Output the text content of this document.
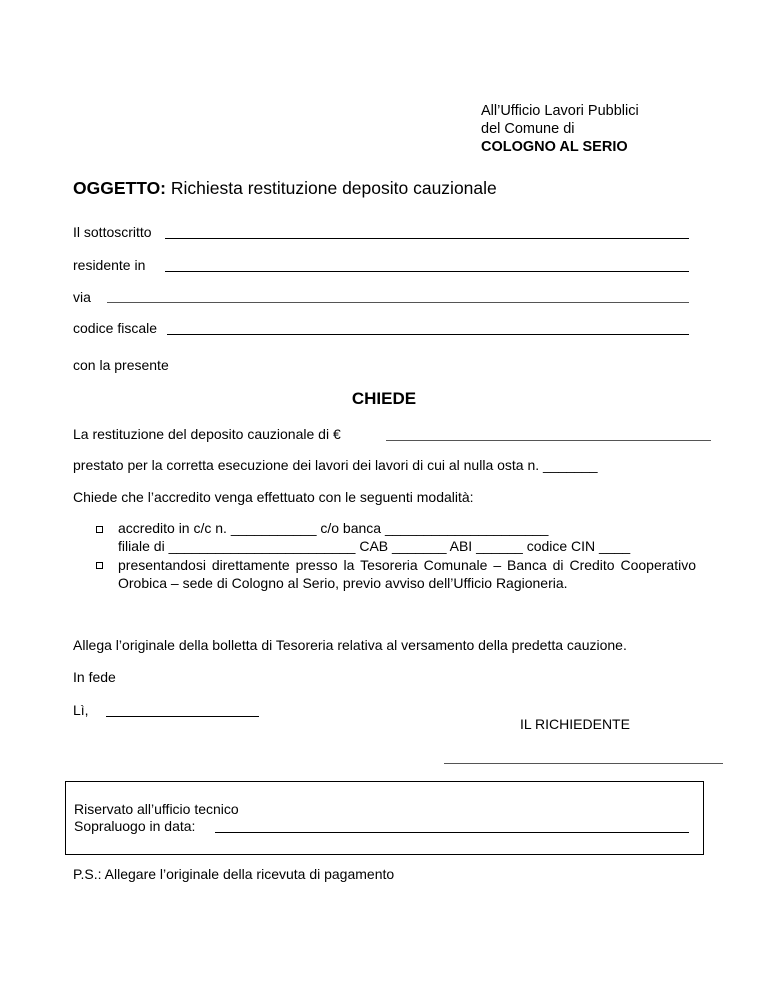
All’Ufficio Lavori Pubblici
del Comune di
COLOGNO AL SERIO
OGGETTO: Richiesta restituzione deposito cauzionale
Il sottoscritto
residente in
via
codice fiscale
con la presente
CHIEDE
La restituzione del deposito cauzionale di €
prestato per la corretta esecuzione dei lavori dei lavori di cui al nulla osta n. _______
Chiede che l’accredito venga effettuato con le seguenti modalità:
accredito in c/c n. ___________ c/o banca _____________________
filiale di ________________________ CAB _______ ABI ______ codice CIN ____
presentandosi direttamente presso la Tesoreria Comunale – Banca di Credito Cooperativo Orobica – sede di Cologno al Serio, previo avviso dell’Ufficio Ragioneria.
Allega l’originale della bolletta di Tesoreria relativa al versamento della predetta cauzione.
In fede
Lì,
IL RICHIEDENTE
Riservato all’ufficio tecnico
Sopraluogo in data:
P.S.: Allegare l’originale della ricevuta di pagamento
